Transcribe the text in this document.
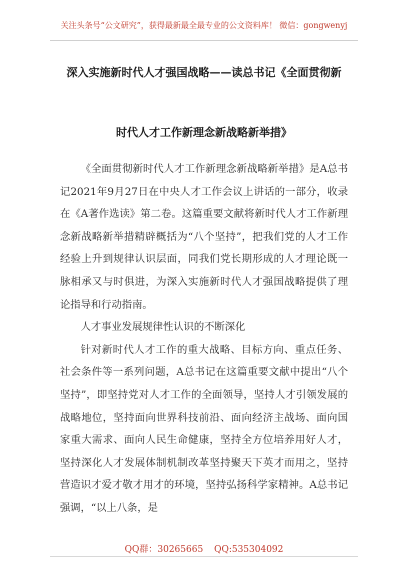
关注头条号“公文研究”，获得最新最全最专业的公文资料库！ 微信：gongwenyj
深入实施新时代人才强国战略——读总书记《全面贯彻新
时代人才工作新理念新战略新举措》

《全面贯彻新时代人才工作新理念新战略新举措》是A总书记2021年9月27日在中央人才工作会议上讲话的一部分，收录在《A著作选读》第二卷。这篇重要文献将新时代人才工作新理念新战略新举措精辟概括为“八个坚持”，把我们党的人才工作经验上升到规律认识层面，同我们党长期形成的人才理论既一脉相承又与时俱进，为深入实施新时代人才强国战略提供了理论指导和行动指南。

人才事业发展规律性认识的不断深化

针对新时代人才工作的重大战略、目标方向、重点任务、社会条件等一系列问题，A总书记在这篇重要文献中提出“八个坚持”，即坚持党对人才工作的全面领导，坚持人才引领发展的战略地位，坚持面向世界科技前沿、面向经济主战场、面向国家重大需求、面向人民生命健康，坚持全方位培养用好人才，坚持深化人才发展体制机制改革坚持聚天下英才而用之，坚持营造识才爱才敬才用才的环境，坚持弘扬科学家精神。A总书记强调，“以上八条，是

QQ群：30265665 QQ:535304092
